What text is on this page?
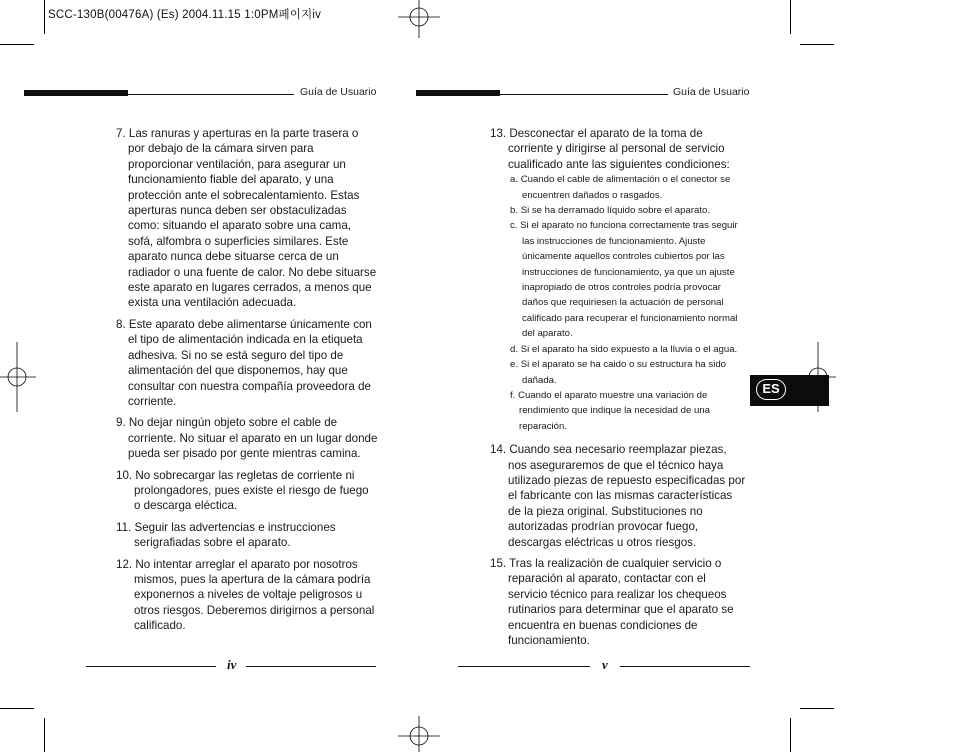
SCC-130B(00476A) (Es) 2004.11.15 1:0PM페이지iv
Guía de Usuario	Guía de Usuario
7. Las ranuras y aperturas en la parte trasera o por debajo de la cámara sirven para proporcionar ventilación, para asegurar un funcionamiento fiable del aparato, y una protección ante el sobrecalentamiento. Estas aperturas nunca deben ser obstaculizadas como: situando el aparato sobre una cama, sofá, alfombra o superficies similares. Este aparato nunca debe situarse cerca de un radiador o una fuente de calor. No debe situarse este aparato en lugares cerrados, a menos que exista una ventilación adecuada.
8. Este aparato debe alimentarse únicamente con el tipo de alimentación indicada en la etiqueta adhesiva. Si no se está seguro del tipo de alimentación del que disponemos, hay que consultar con nuestra compañía proveedora de corriente.
9. No dejar ningún objeto sobre el cable de corriente. No situar el aparato en un lugar donde pueda ser pisado por gente mientras camina.
10. No sobrecargar las regletas de corriente ni prolongadores, pues existe el riesgo de fuego o descarga eléctica.
11. Seguir las advertencias e instrucciones serigrafiadas sobre el aparato.
12. No intentar arreglar el aparato por nosotros mismos, pues la apertura de la cámara podría exponernos a niveles de voltaje peligrosos u otros riesgos. Deberemos dirigirnos a personal calificado.
13. Desconectar el aparato de la toma de corriente y dirigirse al personal de servicio cualificado ante las siguientes condiciones:
a. Cuando el cable de alimentación o el conector se encuentren dañados o rasgados.
b. Si se ha derramado líquido sobre el aparato.
c. Si el aparato no funciona correctamente tras seguir las instrucciones de funcionamiento. Ajuste únicamente aquellos controles cubiertos por las instrucciones de funcionamiento, ya que un ajuste inapropiado de otros controles podría provocar daños que requiriesen la actuación de personal calificado para recuperar el funcionamiento normal del aparato.
d. Si el aparato ha sido expuesto a la lluvia o el agua.
e. Si el aparato se ha caido o su estructura ha sido dañada.
f. Cuando el aparato muestre una variación de rendimiento que indique la necesidad de una reparación.
14. Cuando sea necesario reemplazar piezas, nos aseguraremos de que el técnico haya utilizado piezas de repuesto especificadas por el fabricante con las mismas características de la pieza original. Substituciones no autorizadas prodrían provocar fuego, descargas eléctricas u otros riesgos.
15. Tras la realización de cualquier servicio o reparación al aparato, contactar con el servicio técnico para realizar los chequeos rutinarios para determinar que el aparato se encuentra en buenas condiciones de funcionamiento.
ES
iv	v
